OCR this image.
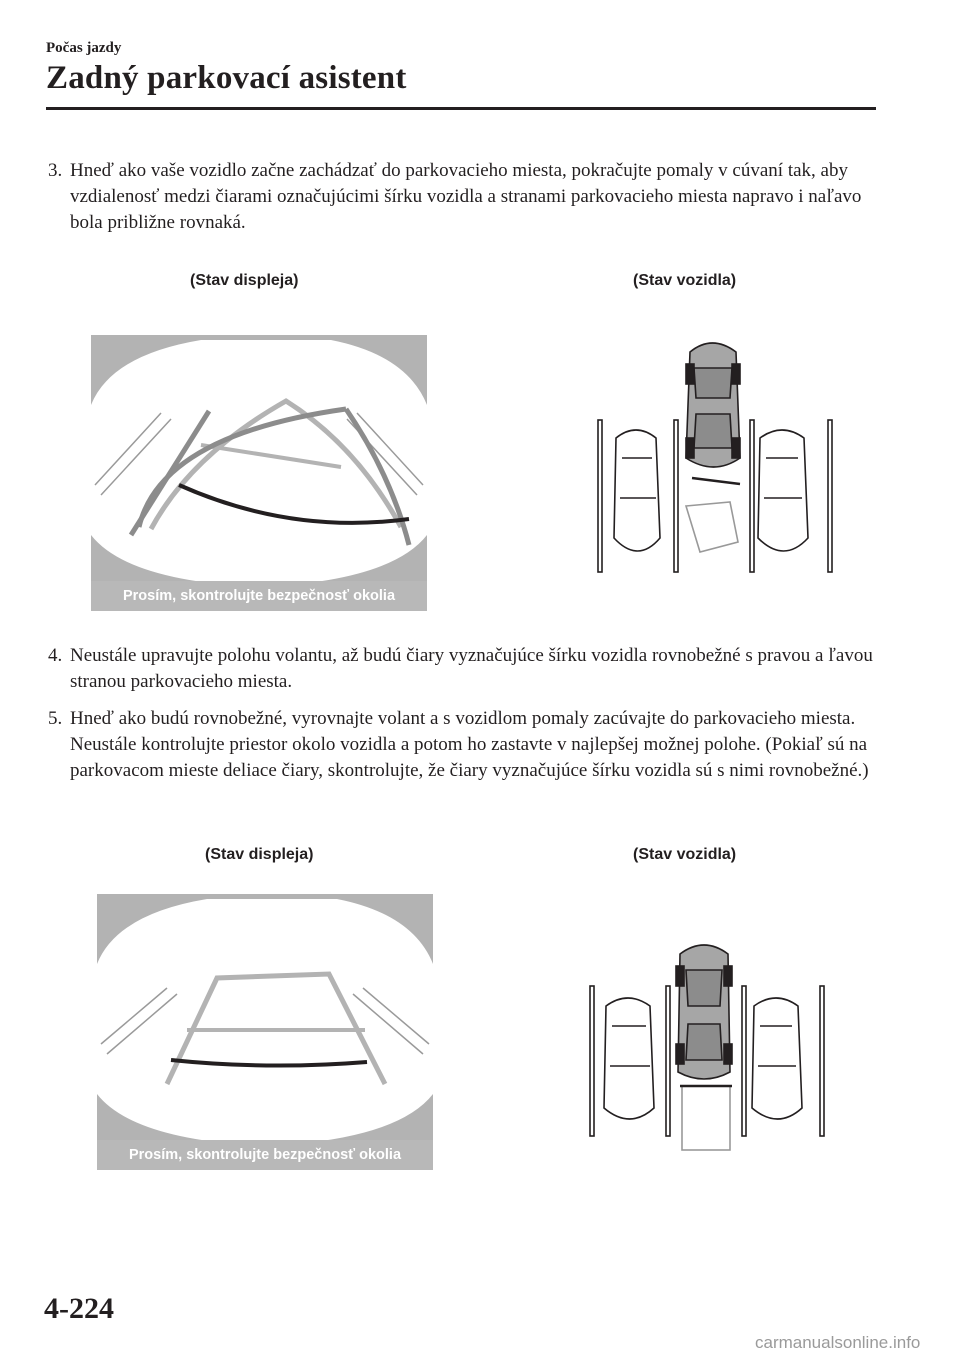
Počas jazdy
Zadný parkovací asistent
3. Hneď ako vaše vozidlo začne zachádzať do parkovacieho miesta, pokračujte pomaly v cúvaní tak, aby vzdialenosť medzi čiarami označujúcimi šírku vozidla a stranami parkovacieho miesta napravo i naľavo bola približne rovnaká.
(Stav displeja)	(Stav vozidla)
Prosím, skontrolujte bezpečnosť okolia
4. Neustále upravujte polohu volantu, až budú čiary vyznačujúce šírku vozidla rovnobežné s pravou a ľavou stranou parkovacieho miesta.
5. Hneď ako budú rovnobežné, vyrovnajte volant a s vozidlom pomaly zacúvajte do parkovacieho miesta. Neustále kontrolujte priestor okolo vozidla a potom ho zastavte v najlepšej možnej polohe. (Pokiaľ sú na parkovacom mieste deliace čiary, skontrolujte, že čiary vyznačujúce šírku vozidla sú s nimi rovnobežné.)
(Stav displeja)	(Stav vozidla)
Prosím, skontrolujte bezpečnosť okolia
4-224
carmanualsonline.info
